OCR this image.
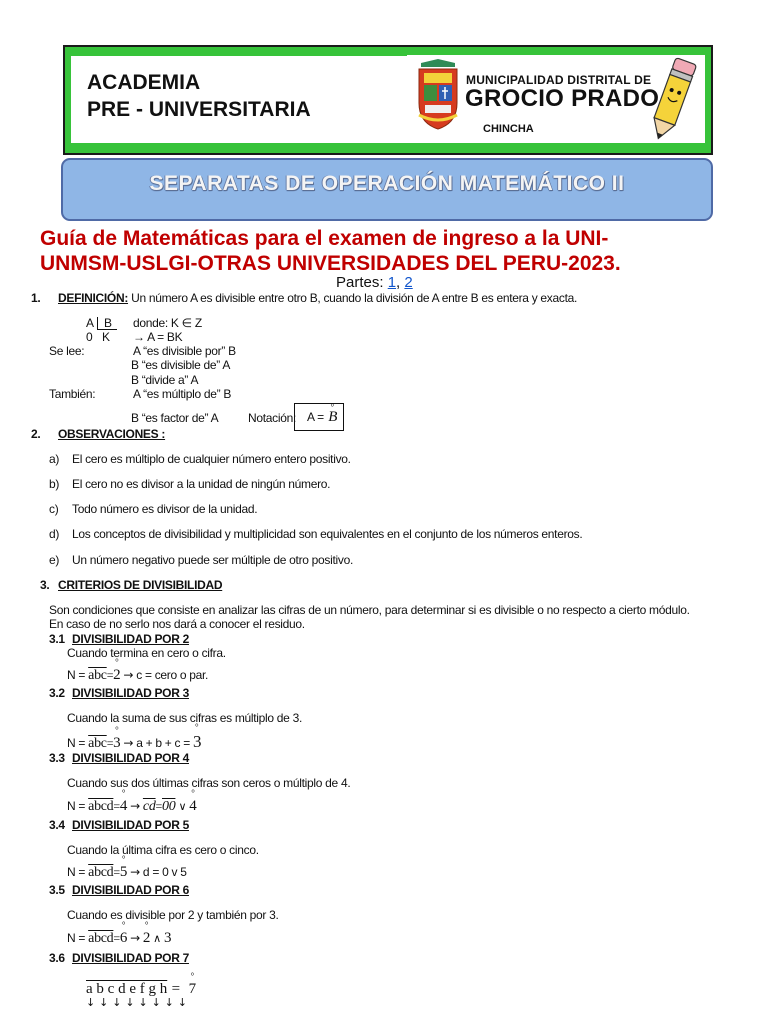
ACADEMIA
PRE - UNIVERSITARIA
MUNICIPALIDAD DISTRITAL DE
GROCIO PRADO
CHINCHA
SEPARATAS DE OPERACIÓN MATEMÁTICO II
Guía de Matemáticas para el examen de ingreso a la UNI-
UNMSM-USLGI-OTRAS UNIVERSIDADES DEL PERU-2023.
Partes: 1, 2
1. DEFINICIÓN: Un número A es divisible entre otro B, cuando la división de A entre B es entera y exacta.
A B
0 K
donde: K ∈ Z
→ A = BK
Se lee:	A “es divisible por” B
B “es divisible de” A
B “divide a” A
También:	A “es múltiplo de” B
B “es factor de” A Notación: A = ° B
2. OBSERVACIONES :
a) El cero es múltiplo de cualquier número entero positivo.
b) El cero no es divisor a la unidad de ningún número.
c) Todo número es divisor de la unidad.
d) Los conceptos de divisibilidad y multiplicidad son equivalentes en el conjunto de los números enteros.
e) Un número negativo puede ser múltiple de otro positivo.
3. CRITERIOS DE DIVISIBILIDAD
Son condiciones que consiste en analizar las cifras de un número, para determinar si es divisible o no respecto a cierto módulo.
En caso de no serlo nos dará a conocer el residuo.
3.1 DIVISIBILIDAD POR 2
Cuando termina en cero o cifra.
$N = \overline{abc}=^\circ$ 2 → c = cero o par.
3.2 DIVISIBILIDAD POR 3
Cuando la suma de sus cifras es múltiplo de 3.
$N = \overline{abc}=^\circ$ 3 → a + b + c = ° 3
3.3 DIVISIBILIDAD POR 4
Cuando sus dos últimas cifras son ceros o múltiplo de 4.
N = abcd=° $4 \to \overline{cd}=00$ ∨ ° 4
3.4 DIVISIBILIDAD POR 5
Cuando la última cifra es cero o cinco.
N = abcd=° 5 → d = 0 v 5
3.5 DIVISIBILIDAD POR 6
Cuando es divisible por 2 y también por 3.
N = abcd=° 6 → ° 2 ∧ 3
3.6 DIVISIBILIDAD POR 7
a b c d e f g h = ° 7
↓ ↓ ↓ ↓ ↓ ↓ ↓ ↓
